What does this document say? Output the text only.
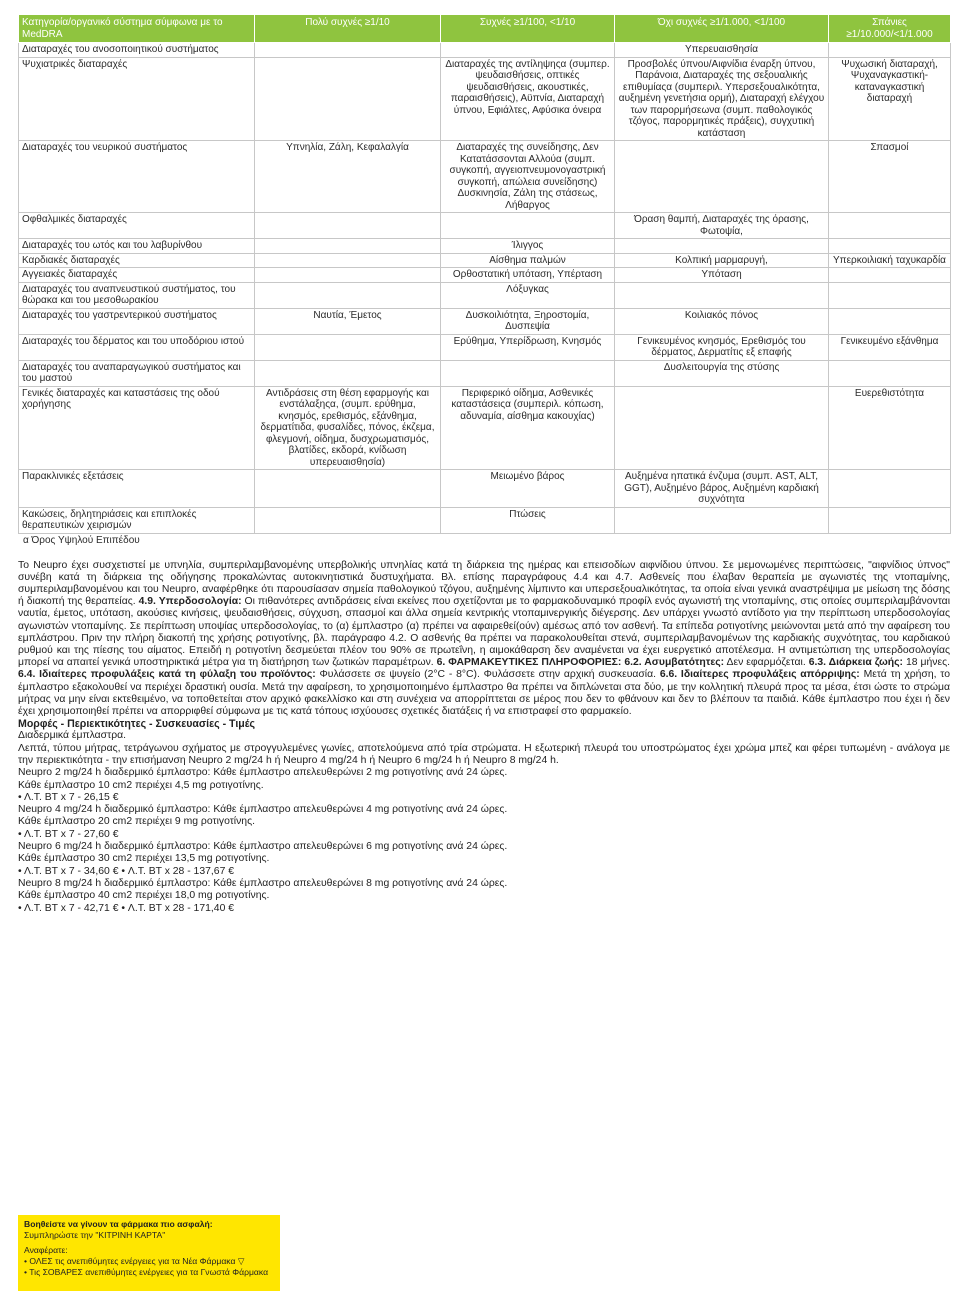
Κατηγορία/οργανικό σύστημα σύμφωνα με το MedDRA	Πολύ συχνές ≥1/10	Συχνές ≥1/100, <1/10	Όχι συχνές ≥1/1.000, <1/100	Σπάνιες ≥1/10.000/<1/1.000
Διαταραχές του ανοσοποιητικού συστήματος			Υπερευαισθησία	
Ψυχιατρικές διαταραχές		Διαταραχές της αντίληψηςα (συμπερ. ψευδαισθήσεις, οπτικές ψευδαισθήσεις, ακουστικές, παραισθήσεις), Αϋπνία, Διαταραχή ύπνου, Εφιάλτες, Αφύσικα όνειρα	Προσβολές ύπνου/Αιφνίδια έναρξη ύπνου, Παράνοια, Διαταραχές της σεξουαλικής επιθυμίαςα (συμπεριλ. Υπερσεξουαλικότητα, αυξημένη γενετήσια ορμή), Διαταραχή ελέγχου των παρορμήσεωνα (συμπ. παθολογικός τζόγος, παρορμητικές πράξεις), συγχυτική κατάσταση	Ψυχωσική διαταραχή, Ψυχαναγκαστική-καταναγκαστική διαταραχή
Διαταραχές του νευρικού συστήματος	Υπνηλία, Ζάλη, Κεφαλαλγία	Διαταραχές της συνείδησης, Δεν Κατατάσσονται Αλλούα (συμπ. συγκοπή, αγγειοπνευμονογαστρική συγκοπή, απώλεια συνείδησης) Δυσκινησία, Ζάλη της στάσεως, Λήθαργος		Σπασμοί
Οφθαλμικές διαταραχές			Όραση θαμπή, Διαταραχές της όρασης, Φωτοψία,	
Διαταραχές του ωτός και του λαβυρίνθου		Ίλιγγος		
Καρδιακές διαταραχές		Αίσθημα παλμών	Κολπική μαρμαρυγή,	Υπερκοιλιακή ταχυκαρδία
Αγγειακές διαταραχές		Ορθοστατική υπόταση, Υπέρταση	Υπόταση	
Διαταραχές του αναπνευστικού συστήματος, του θώρακα και του μεσοθωρακίου		Λόξυγκας		
Διαταραχές του γαστρεντερικού συστήματος	Ναυτία, Έμετος	Δυσκοιλιότητα, Ξηροστομία, Δυσπεψία	Κοιλιακός πόνος	
Διαταραχές του δέρματος και του υποδόριου ιστού		Ερύθημα, Υπερίδρωση, Κνησμός	Γενικευμένος κνησμός, Ερεθισμός του δέρματος, Δερματίτις εξ επαφής	Γενικευμένο εξάνθημα
Διαταραχές του αναπαραγωγικού συστήματος και του μαστού			Δυσλειτουργία της στύσης	
Γενικές διαταραχές και καταστάσεις της οδού χορήγησης	Αντιδράσεις στη θέση εφαρμογής και ενστάλαξηςα, (συμπ. ερύθημα, κνησμός, ερεθισμός, εξάνθημα, δερματίτιδα, φυσαλίδες, πόνος, έκζεμα, φλεγμονή, οίδημα, δυσχρωματισμός, βλατίδες, εκδορά, κνίδωση υπερευαισθησία)	Περιφερικό οίδημα, Ασθενικές καταστάσειςα (συμπεριλ. κόπωση, αδυναμία, αίσθημα κακουχίας)		Ευερεθιστότητα
Παρακλινικές εξετάσεις		Μειωμένο βάρος	Αυξημένα ηπατικά ένζυμα (συμπ. AST, ALT, GGT), Αυξημένο βάρος, Αυξημένη καρδιακή συχνότητα	
Κακώσεις, δηλητηριάσεις και επιπλοκές θεραπευτικών χειρισμών		Πτώσεις		
α Όρος Υψηλού Επιπέδου

Το Neupro έχει συσχετιστεί με υπνηλία, συμπεριλαμβανομένης υπερβολικής υπνηλίας κατά τη διάρκεια της ημέρας και επεισοδίων αιφνίδιου ύπνου. Σε μεμονωμένες περιπτώσεις, "αιφνίδιος ύπνος" συνέβη κατά τη διάρκεια της οδήγησης προκαλώντας αυτοκινητιστικά δυστυχήματα. Βλ. επίσης παραγράφους 4.4 και 4.7. Ασθενείς που έλαβαν θεραπεία με αγωνιστές της ντοπαμίνης, συμπεριλαμβανομένου και του Neupro, αναφέρθηκε ότι παρουσίασαν σημεία παθολογικού τζόγου, αυξημένης λίμπιντο και υπερσεξουαλικότητας, τα οποία είναι γενικά αναστρέψιμα με μείωση της δόσης ή διακοπή της θεραπείας. 4.9. Υπερδοσολογία: Οι πιθανότερες αντιδράσεις είναι εκείνες που σχετίζονται με το φαρμακοδυναμικό προφίλ ενός αγωνιστή της ντοπαμίνης, στις οποίες συμπεριλαμβάνονται ναυτία, έμετος, υπόταση, ακούσιες κινήσεις, ψευδαισθήσεις, σύγχυση, σπασμοί και άλλα σημεία κεντρικής ντοπαμινεργικής διέγερσης. Δεν υπάρχει γνωστό αντίδοτο για την περίπτωση υπερδοσολογίας αγωνιστών ντοπαμίνης. Σε περίπτωση υποψίας υπερδοσολογίας, το (α) έμπλαστρο (α) πρέπει να αφαιρεθεί(ούν) αμέσως από τον ασθενή. Τα επίπεδα ροτιγοτίνης μειώνονται μετά από την αφαίρεση του εμπλάστρου. Πριν την πλήρη διακοπή της χρήσης ροτιγοτίνης, βλ. παράγραφο 4.2. Ο ασθενής θα πρέπει να παρακολουθείται στενά, συμπεριλαμβανομένων της καρδιακής συχνότητας, του καρδιακού ρυθμού και της πίεσης του αίματος. Επειδή η ροτιγοτίνη δεσμεύεται πλέον του 90% σε πρωτεΐνη, η αιμοκάθαρση δεν αναμένεται να έχει ευεργετικό αποτέλεσμα. Η αντιμετώπιση της υπερδοσολογίας μπορεί να απαιτεί γενικά υποστηρικτικά μέτρα για τη διατήρηση των ζωτικών παραμέτρων. 6. ΦΑΡΜΑΚΕΥΤΙΚΕΣ ΠΛΗΡΟΦΟΡΙΕΣ: 6.2. Ασυμβατότητες: Δεν εφαρμόζεται. 6.3. Διάρκεια ζωής: 18 μήνες. 6.4. Ιδιαίτερες προφυλάξεις κατά τη φύλαξη του προϊόντος: Φυλάσσετε σε ψυγείο (2°C - 8°C). Φυλάσσετε στην αρχική συσκευασία. 6.6. Ιδιαίτερες προφυλάξεις απόρριψης: Μετά τη χρήση, το έμπλαστρο εξακολουθεί να περιέχει δραστική ουσία. Μετά την αφαίρεση, το χρησιμοποιημένο έμπλαστρο θα πρέπει να διπλώνεται στα δύο, με την κολλητική πλευρά προς τα μέσα, έτσι ώστε το στρώμα μήτρας να μην είναι εκτεθειμένο, να τοποθετείται στον αρχικό φακελλίσκο και στη συνέχεια να απορρίπτεται σε μέρος που δεν το φθάνουν και δεν το βλέπουν τα παιδιά. Κάθε έμπλαστρο που έχει ή δεν έχει χρησιμοποιηθεί πρέπει να απορριφθεί σύμφωνα με τις κατά τόπους ισχύουσες σχετικές διατάξεις ή να επιστραφεί στο φαρμακείο.

Μορφές - Περιεκτικότητες - Συσκευασίες - Τιμές

Διαδερμικά έμπλαστρα.

Λεπτά, τύπου μήτρας, τετράγωνου σχήματος με στρογγυλεμένες γωνίες, αποτελούμενα από τρία στρώματα. Η εξωτερική πλευρά του υποστρώματος έχει χρώμα μπεζ και φέρει τυπωμένη - ανάλογα με την περιεκτικότητα - την επισήμανση Neupro 2 mg/24 h ή Neupro 4 mg/24 h ή Neupro 6 mg/24 h ή Neupro 8 mg/24 h.

Neupro 2 mg/24 h διαδερμικό έμπλαστρο: Κάθε έμπλαστρο απελευθερώνει 2 mg ροτιγοτίνης ανά 24 ώρες.

Κάθε έμπλαστρο 10 cm2 περιέχει 4,5 mg ροτιγοτίνης.

• Λ.Τ. ΒΤ x 7 - 26,15 €

Neupro 4 mg/24 h διαδερμικό έμπλαστρο: Κάθε έμπλαστρο απελευθερώνει 4 mg ροτιγοτίνης ανά 24 ώρες.

Κάθε έμπλαστρο 20 cm2 περιέχει 9 mg ροτιγοτίνης.

• Λ.Τ. ΒΤ x 7 - 27,60 €

Neupro 6 mg/24 h διαδερμικό έμπλαστρο: Κάθε έμπλαστρο απελευθερώνει 6 mg ροτιγοτίνης ανά 24 ώρες.

Κάθε έμπλαστρο 30 cm2 περιέχει 13,5 mg ροτιγοτίνης.

• Λ.Τ. ΒΤ x 7 - 34,60 € • Λ.Τ. ΒΤ x 28 - 137,67 €

Neupro 8 mg/24 h διαδερμικό έμπλαστρο: Κάθε έμπλαστρο απελευθερώνει 8 mg ροτιγοτίνης ανά 24 ώρες.

Κάθε έμπλαστρο 40 cm2 περιέχει 18,0 mg ροτιγοτίνης.

• Λ.Τ. ΒΤ x 7 - 42,71 € • Λ.Τ. ΒΤ x 28 - 171,40 €

Βοηθείστε να γίνουν τα φάρμακα πιο ασφαλή:
Συμπληρώστε την "ΚΙΤΡΙΝΗ ΚΑΡΤΑ"
Αναφέρατε:
• ΟΛΕΣ τις ανεπιθύμητες ενέργειες για τα Νέα Φάρμακα ▽
• Τις ΣΟΒΑΡΕΣ ανεπιθύμητες ενέργειες για τα Γνωστά Φάρμακα
